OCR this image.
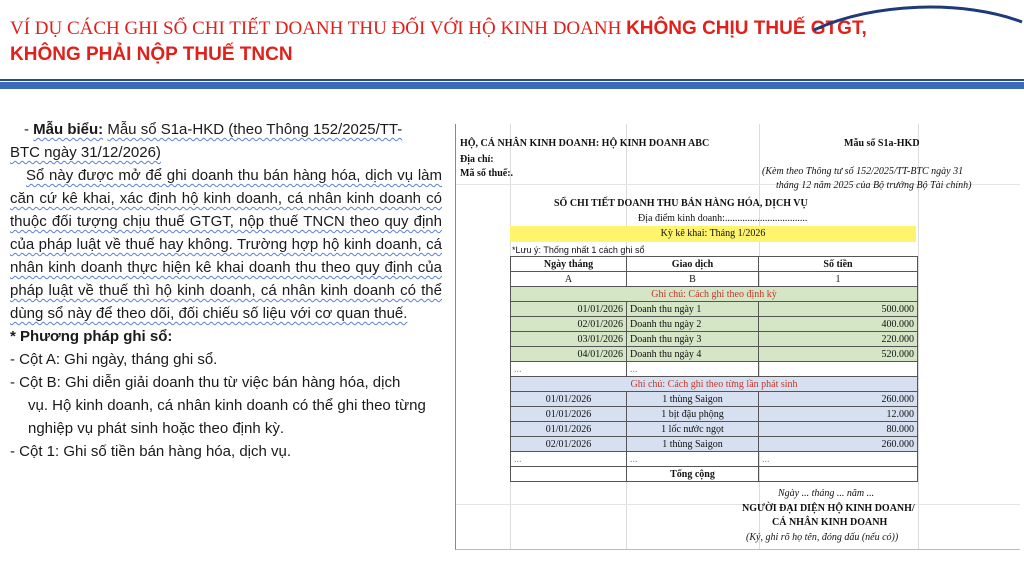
VÍ DỤ CÁCH GHI SỔ CHI TIẾT DOANH THU ĐỐI VỚI HỘ KINH DOANH KHÔNG CHỊU THUẾ GTGT,
KHÔNG PHẢI NỘP THUẾ TNCN

- Mẫu biểu: Mẫu sổ S1a-HKD (theo Thông 152/2025/TT-
BTC ngày 31/12/2026)

Sổ này được mở để ghi doanh thu bán hàng hóa, dịch vụ làm căn cứ kê khai, xác định hộ kinh doanh, cá nhân kinh doanh có thuộc đối tượng chịu thuế GTGT, nộp thuế TNCN theo quy định của pháp luật về thuế hay không. Trường hợp hộ kinh doanh, cá nhân kinh doanh thực hiện kê khai doanh thu theo quy định của pháp luật về thuế thì hộ kinh doanh, cá nhân kinh doanh có thể dùng sổ này để theo dõi, đối chiếu số liệu với cơ quan thuế.

* Phương pháp ghi sổ:

- Cột A: Ghi ngày, tháng ghi sổ.

- Cột B: Ghi diễn giải doanh thu từ việc bán hàng hóa, dịch
vụ. Hộ kinh doanh, cá nhân kinh doanh có thể ghi theo từng nghiệp vụ phát sinh hoặc theo định kỳ.

- Cột 1: Ghi số tiền bán hàng hóa, dịch vụ.

HỘ, CÁ NHÂN KINH DOANH: HỘ KINH DOANH ABC
Địa chỉ:
Mã số thuế:.
Mẫu số S1a-HKD
(Kèm theo Thông tư số 152/2025/TT-BTC ngày 31
tháng 12 năm 2025 của Bộ trưởng Bộ Tài chính)
SỔ CHI TIẾT DOANH THU BÁN HÀNG HÓA, DỊCH VỤ
Địa điểm kinh doanh:.................................
Kỳ kê khai: Tháng 1/2026
*Lưu ý: Thống nhất 1 cách ghi sổ
Ngày tháng	Giao dịch	Số tiền
A	B	1
Ghi chú: Cách ghi theo định kỳ		
01/01/2026	Doanh thu ngày 1	500.000
02/01/2026	Doanh thu ngày 2	400.000
03/01/2026	Doanh thu ngày 3	220.000
04/01/2026	Doanh thu ngày 4	520.000
...	...	
Ghi chú: Cách ghi theo từng lần phát sinh		
01/01/2026	1 thùng Saigon	260.000
01/01/2026	1 bịt đậu phộng	12.000
01/01/2026	1 lốc nước ngọt	80.000
02/01/2026	1 thùng Saigon	260.000
...	...	...
	Tổng cộng	
Ngày ... tháng ... năm ...
NGƯỜI ĐẠI DIỆN HỘ KINH DOANH/
CÁ NHÂN KINH DOANH
(Ký, ghi rõ họ tên, đóng dấu (nếu có))
